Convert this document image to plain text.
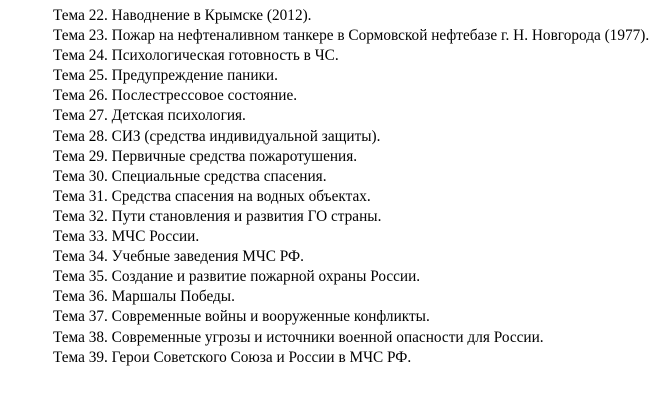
Тема 22. Наводнение в Крымске (2012).

Тема 23. Пожар на нефтеналивном танкере в Сормовской нефтебазе г. Н. Новгорода (1977).

Тема 24. Психологическая готовность в ЧС.

Тема 25. Предупреждение паники.

Тема 26. Послестрессовое состояние.

Тема 27. Детская психология.

Тема 28. СИЗ (средства индивидуальной защиты).

Тема 29. Первичные средства пожаротушения.

Тема 30. Специальные средства спасения.

Тема 31. Средства спасения на водных объектах.

Тема 32. Пути становления и развития ГО страны.

Тема 33. МЧС России.

Тема 34. Учебные заведения МЧС РФ.

Тема 35. Создание и развитие пожарной охраны России.

Тема 36. Маршалы Победы.

Тема 37. Современные войны и вооруженные конфликты.

Тема 38. Современные угрозы и источники военной опасности для России.

Тема 39. Герои Советского Союза и России в МЧС РФ.
